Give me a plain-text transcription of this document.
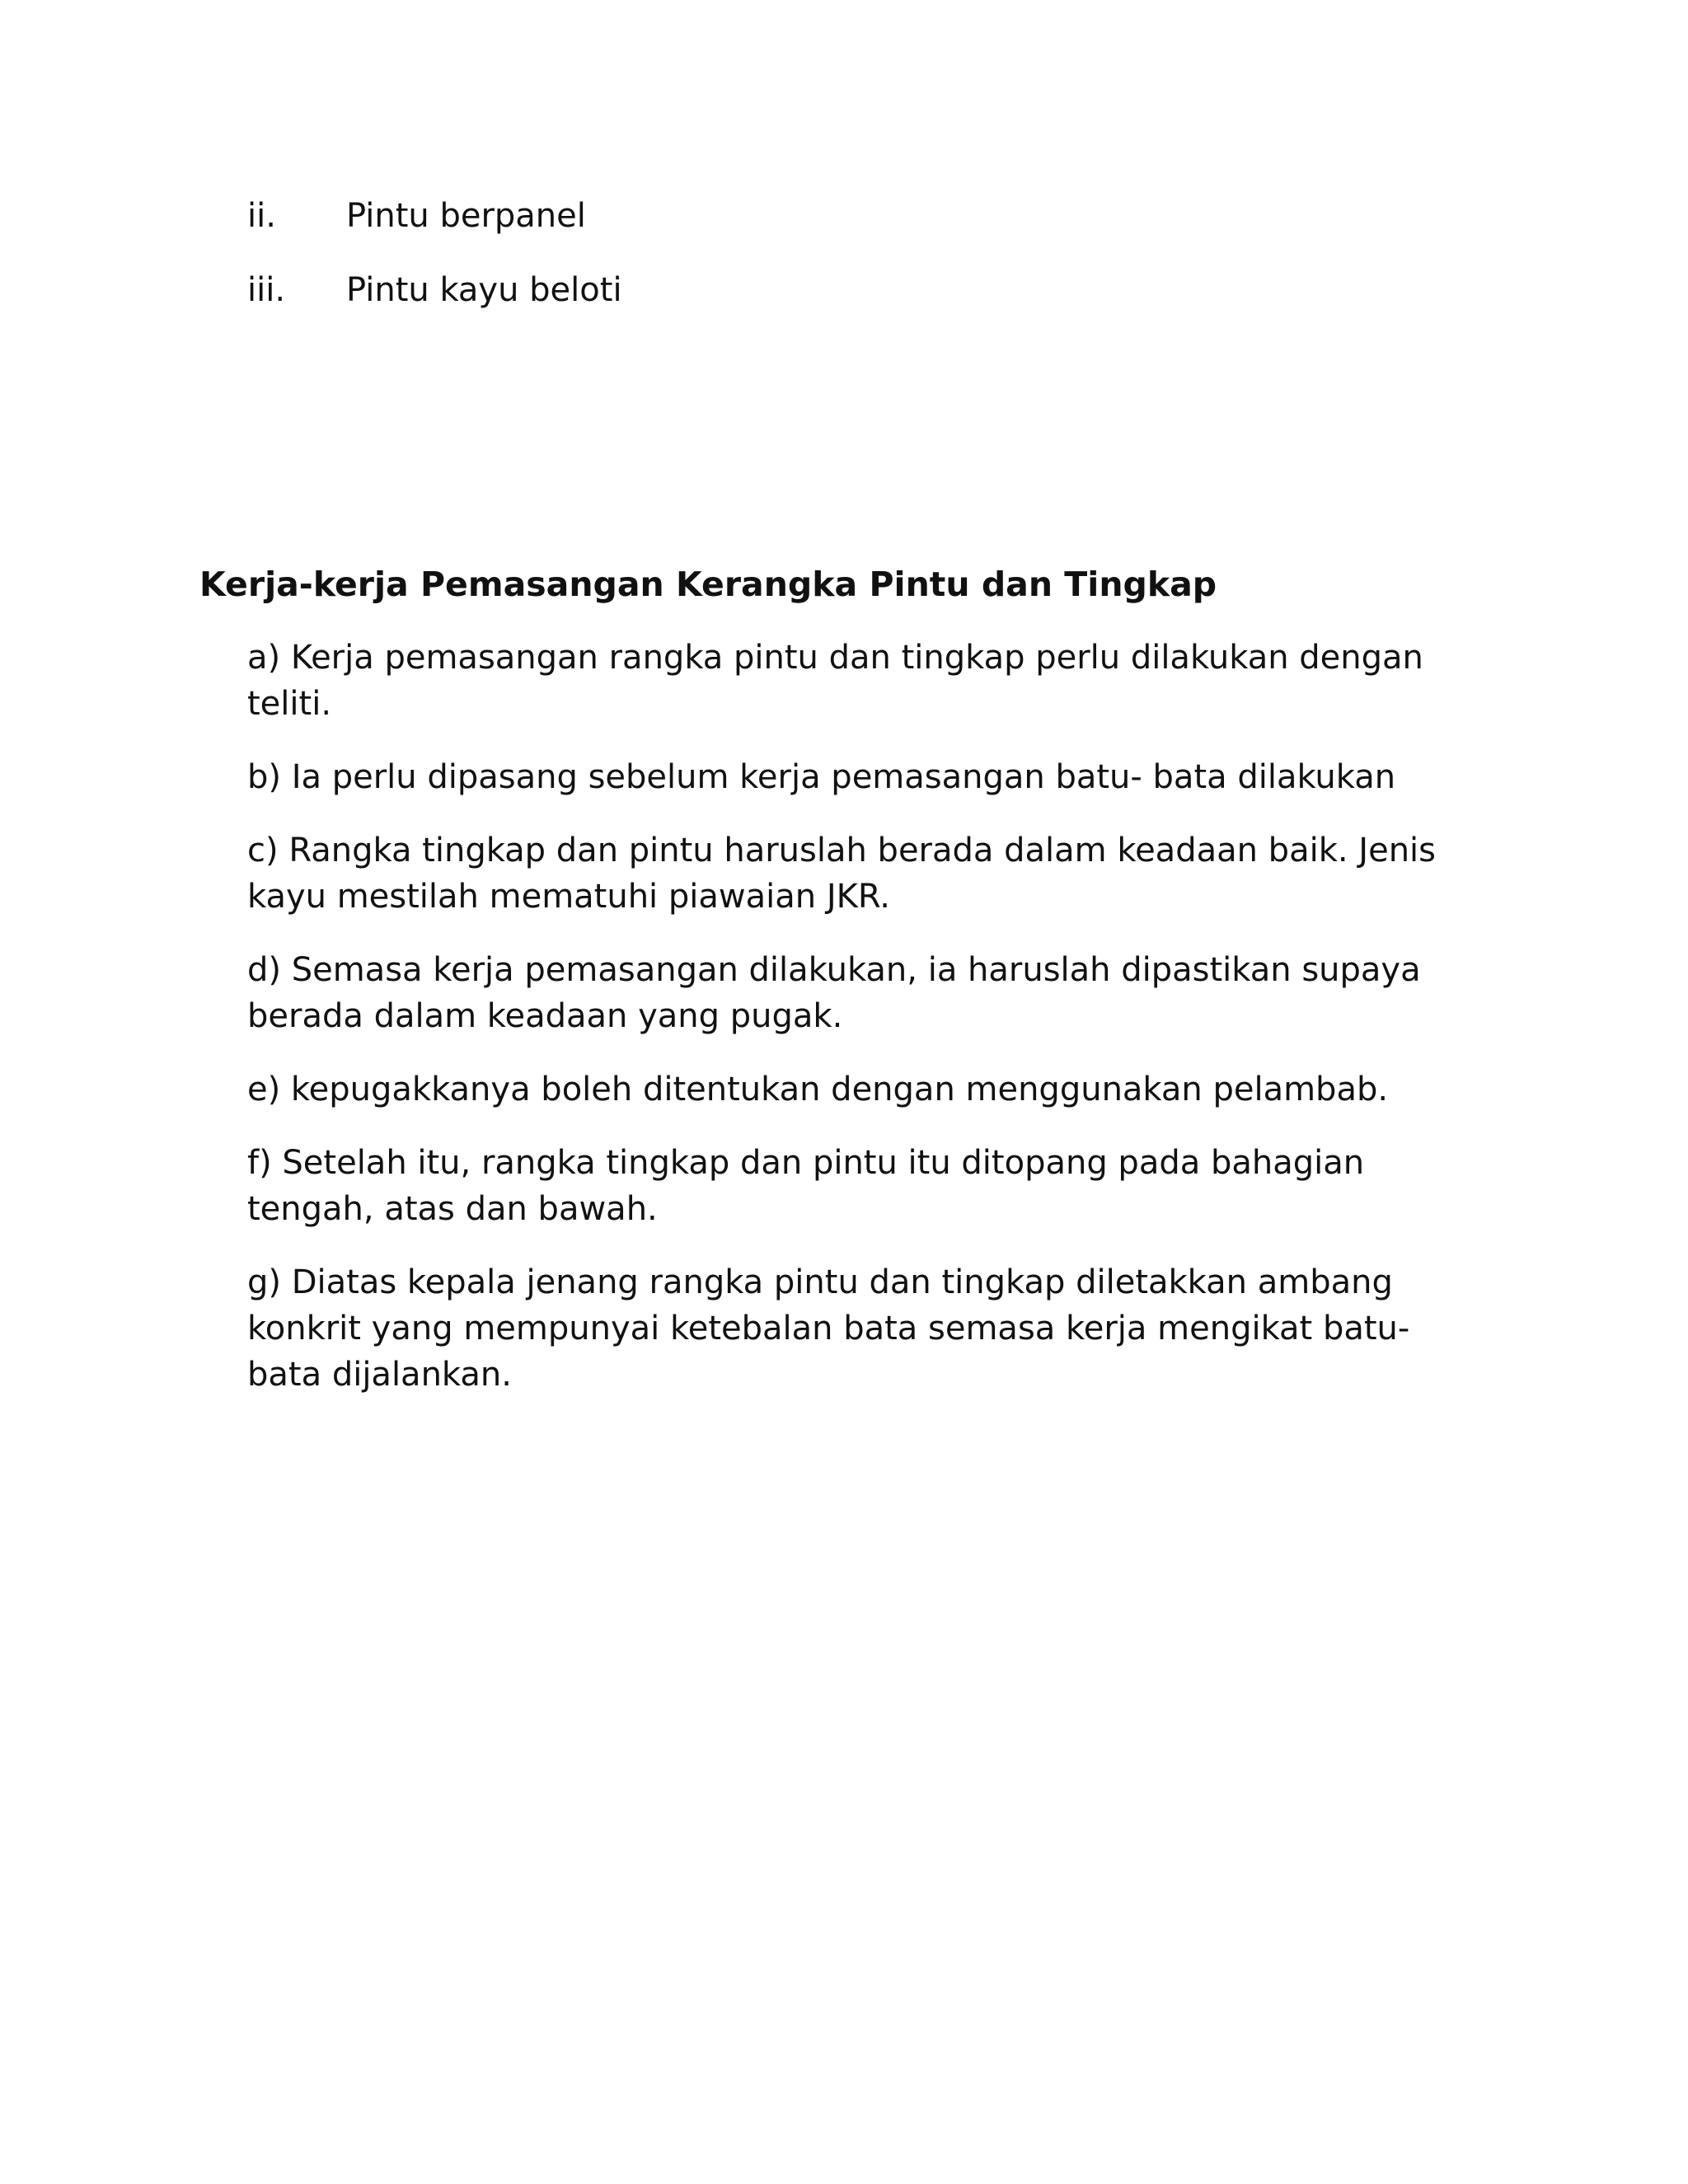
ii.	Pintu berpanel
iii.	Pintu kayu beloti
Kerja-kerja Pemasangan Kerangka Pintu dan Tingkap

a) Kerja pemasangan rangka pintu dan tingkap perlu dilakukan dengan teliti.

b) Ia perlu dipasang sebelum kerja pemasangan batu- bata dilakukan

c) Rangka tingkap dan pintu haruslah berada dalam keadaan baik. Jenis kayu mestilah mematuhi piawaian JKR.

d) Semasa kerja pemasangan dilakukan, ia haruslah dipastikan supaya berada dalam keadaan yang pugak.

e) kepugakkanya boleh ditentukan dengan menggunakan pelambab.

f) Setelah itu, rangka tingkap dan pintu itu ditopang pada bahagian tengah, atas dan bawah.

g) Diatas kepala jenang rangka pintu dan tingkap diletakkan ambang konkrit yang mempunyai ketebalan bata semasa kerja mengikat batu-bata dijalankan.
